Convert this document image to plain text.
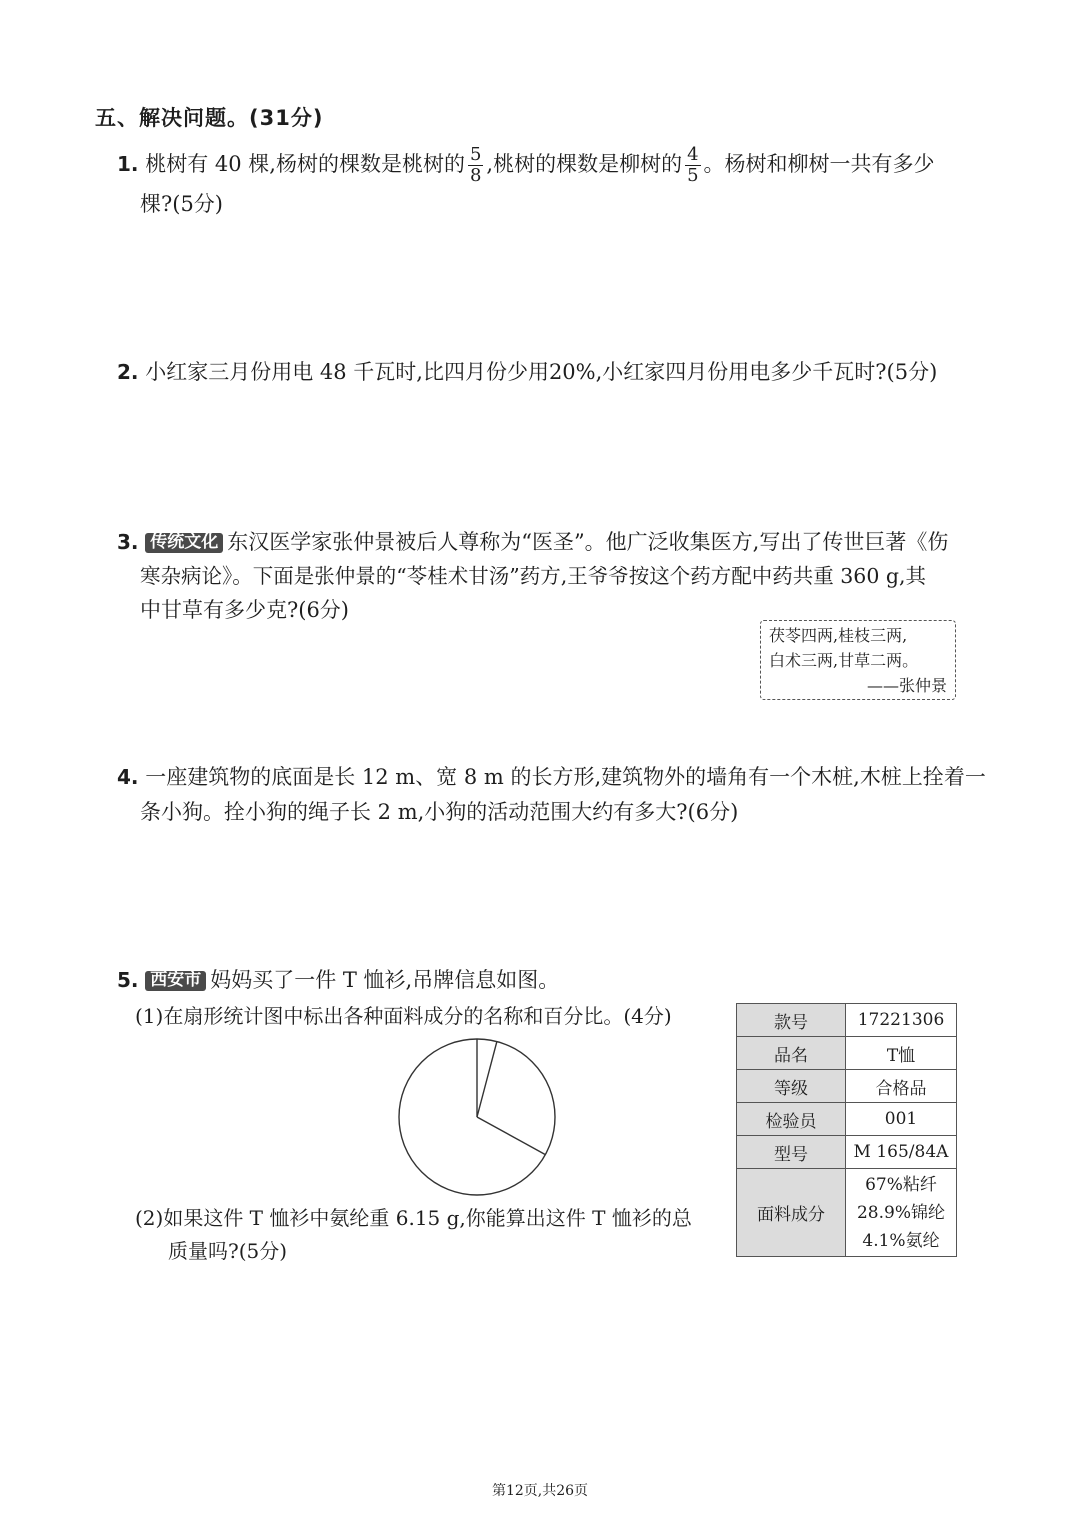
五、解决问题。(31分)
1. 桃树有 40 棵,杨树的棵数是桃树的 $\frac{5}{8}$ ,桃树的棵数是柳树的 $\frac{4}{5}$ 。杨树和柳树一共有多少
棵?(5分)
2. 小红家三月份用电 48 千瓦时,比四月份少用20%,小红家四月份用电多少千瓦时?(5分)
3. 传统文化 东汉医学家张仲景被后人尊称为“医圣”。他广泛收集医方,写出了传世巨著《伤
寒杂病论》。下面是张仲景的“苓桂术甘汤”药方,王爷爷按这个药方配中药共重 360 g,其
中甘草有多少克?(6分)
茯苓四两,桂枝三两,
白术三两,甘草二两。
——张仲景
4. 一座建筑物的底面是长 12 m、宽 8 m 的长方形,建筑物外的墙角有一个木桩,木桩上拴着一
条小狗。拴小狗的绳子长 2 m,小狗的活动范围大约有多大?(6分)
5. 西安市 妈妈买了一件 T 恤衫,吊牌信息如图。
(1)在扇形统计图中标出各种面料成分的名称和百分比。(4分)
(2)如果这件 T 恤衫中氨纶重 6.15 g,你能算出这件 T 恤衫的总
质量吗?(5分)
款号	17221306
品名	T恤
等级	合格品
检验员	001
型号	M 165/84A
面料成分	67%粘纤
28.9%锦纶
4.1%氨纶
第12页,共26页
